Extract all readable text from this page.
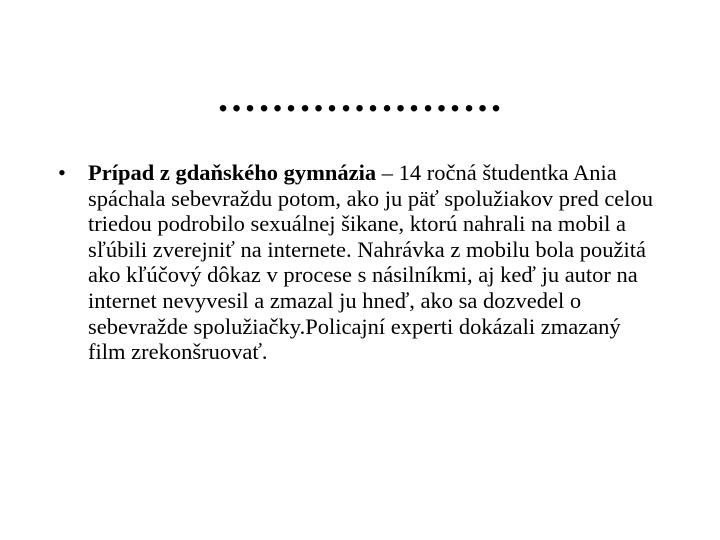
…………………

• Prípad z gdaňského gymnázia – 14 ročná študentka Ania spáchala sebevraždu potom, ako ju päť spolužiakov pred celou triedou podrobilo sexuálnej šikane, ktorú nahrali na mobil a sľúbili zverejniť na internete. Nahrávka z mobilu bola použitá ako kľúčový dôkaz v procese s násilníkmi, aj keď ju autor na internet nevyvesil a zmazal ju hneď, ako sa dozvedel o sebevražde spolužiačky.Policajní experti dokázali zmazaný film zrekonšruovať.
